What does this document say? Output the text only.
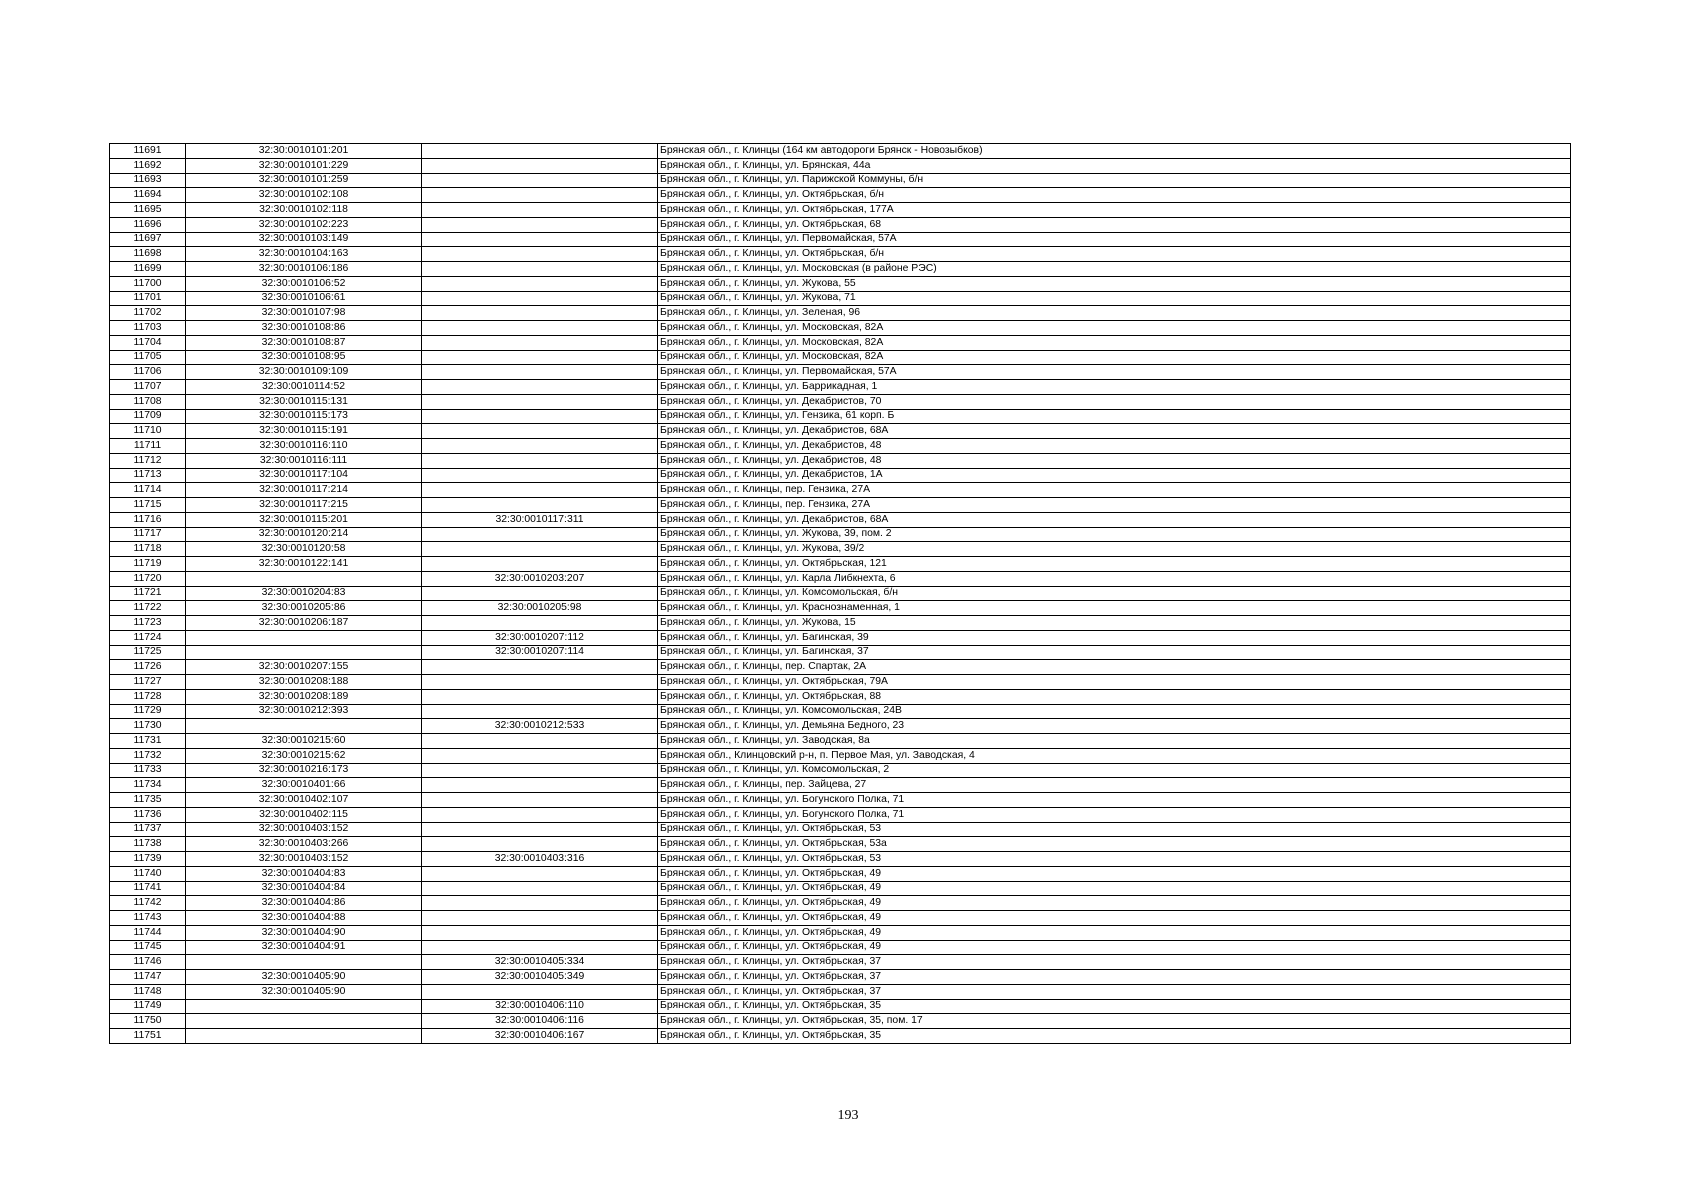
11691	32:30:0010101:201		Брянская обл., г. Клинцы (164 км автодороги Брянск - Новозыбков)
11692	32:30:0010101:229		Брянская обл., г. Клинцы, ул. Брянская, 44а
11693	32:30:0010101:259		Брянская обл., г. Клинцы, ул. Парижской Коммуны, б/н
11694	32:30:0010102:108		Брянская обл., г. Клинцы, ул. Октябрьская, б/н
11695	32:30:0010102:118		Брянская обл., г. Клинцы, ул. Октябрьская, 177А
11696	32:30:0010102:223		Брянская обл., г. Клинцы, ул. Октябрьская, 68
11697	32:30:0010103:149		Брянская обл., г. Клинцы, ул. Первомайская, 57А
11698	32:30:0010104:163		Брянская обл., г. Клинцы, ул. Октябрьская, б/н
11699	32:30:0010106:186		Брянская обл., г. Клинцы, ул. Московская (в районе РЭС)
11700	32:30:0010106:52		Брянская обл., г. Клинцы, ул. Жукова, 55
11701	32:30:0010106:61		Брянская обл., г. Клинцы, ул. Жукова, 71
11702	32:30:0010107:98		Брянская обл., г. Клинцы, ул. Зеленая, 96
11703	32:30:0010108:86		Брянская обл., г. Клинцы, ул. Московская, 82А
11704	32:30:0010108:87		Брянская обл., г. Клинцы, ул. Московская, 82А
11705	32:30:0010108:95		Брянская обл., г. Клинцы, ул. Московская, 82А
11706	32:30:0010109:109		Брянская обл., г. Клинцы, ул. Первомайская, 57А
11707	32:30:0010114:52		Брянская обл., г. Клинцы, ул. Баррикадная, 1
11708	32:30:0010115:131		Брянская обл., г. Клинцы, ул. Декабристов, 70
11709	32:30:0010115:173		Брянская обл., г. Клинцы, ул. Гензика, 61 корп. Б
11710	32:30:0010115:191		Брянская обл., г. Клинцы, ул. Декабристов, 68А
11711	32:30:0010116:110		Брянская обл., г. Клинцы, ул. Декабристов, 48
11712	32:30:0010116:111		Брянская обл., г. Клинцы, ул. Декабристов, 48
11713	32:30:0010117:104		Брянская обл., г. Клинцы, ул. Декабристов, 1А
11714	32:30:0010117:214		Брянская обл., г. Клинцы, пер. Гензика, 27А
11715	32:30:0010117:215		Брянская обл., г. Клинцы, пер. Гензика, 27А
11716	32:30:0010115:201	32:30:0010117:311	Брянская обл., г. Клинцы, ул. Декабристов, 68А
11717	32:30:0010120:214		Брянская обл., г. Клинцы, ул. Жукова, 39, пом. 2
11718	32:30:0010120:58		Брянская обл., г. Клинцы, ул. Жукова, 39/2
11719	32:30:0010122:141		Брянская обл., г. Клинцы, ул. Октябрьская, 121
11720		32:30:0010203:207	Брянская обл., г. Клинцы, ул. Карла Либкнехта, 6
11721	32:30:0010204:83		Брянская обл., г. Клинцы, ул. Комсомольская, б/н
11722	32:30:0010205:86	32:30:0010205:98	Брянская обл., г. Клинцы, ул. Краснознаменная, 1
11723	32:30:0010206:187		Брянская обл., г. Клинцы, ул. Жукова, 15
11724		32:30:0010207:112	Брянская обл., г. Клинцы, ул. Багинская, 39
11725		32:30:0010207:114	Брянская обл., г. Клинцы, ул. Багинская, 37
11726	32:30:0010207:155		Брянская обл., г. Клинцы, пер. Спартак, 2А
11727	32:30:0010208:188		Брянская обл., г. Клинцы, ул. Октябрьская, 79А
11728	32:30:0010208:189		Брянская обл., г. Клинцы, ул. Октябрьская, 88
11729	32:30:0010212:393		Брянская обл., г. Клинцы, ул. Комсомольская, 24В
11730		32:30:0010212:533	Брянская обл., г. Клинцы, ул. Демьяна Бедного, 23
11731	32:30:0010215:60		Брянская обл., г. Клинцы, ул. Заводская, 8а
11732	32:30:0010215:62		Брянская обл., Клинцовский р-н, п. Первое Мая, ул. Заводская, 4
11733	32:30:0010216:173		Брянская обл., г. Клинцы, ул. Комсомольская, 2
11734	32:30:0010401:66		Брянская обл., г. Клинцы, пер. Зайцева, 27
11735	32:30:0010402:107		Брянская обл., г. Клинцы, ул. Богунского Полка, 71
11736	32:30:0010402:115		Брянская обл., г. Клинцы, ул. Богунского Полка, 71
11737	32:30:0010403:152		Брянская обл., г. Клинцы, ул. Октябрьская, 53
11738	32:30:0010403:266		Брянская обл., г. Клинцы, ул. Октябрьская, 53а
11739	32:30:0010403:152	32:30:0010403:316	Брянская обл., г. Клинцы, ул. Октябрьская, 53
11740	32:30:0010404:83		Брянская обл., г. Клинцы, ул. Октябрьская, 49
11741	32:30:0010404:84		Брянская обл., г. Клинцы, ул. Октябрьская, 49
11742	32:30:0010404:86		Брянская обл., г. Клинцы, ул. Октябрьская, 49
11743	32:30:0010404:88		Брянская обл., г. Клинцы, ул. Октябрьская, 49
11744	32:30:0010404:90		Брянская обл., г. Клинцы, ул. Октябрьская, 49
11745	32:30:0010404:91		Брянская обл., г. Клинцы, ул. Октябрьская, 49
11746		32:30:0010405:334	Брянская обл., г. Клинцы, ул. Октябрьская, 37
11747	32:30:0010405:90	32:30:0010405:349	Брянская обл., г. Клинцы, ул. Октябрьская, 37
11748	32:30:0010405:90		Брянская обл., г. Клинцы, ул. Октябрьская, 37
11749		32:30:0010406:110	Брянская обл., г. Клинцы, ул. Октябрьская, 35
11750		32:30:0010406:116	Брянская обл., г. Клинцы, ул. Октябрьская, 35, пом. 17
11751		32:30:0010406:167	Брянская обл., г. Клинцы, ул. Октябрьская, 35
193
